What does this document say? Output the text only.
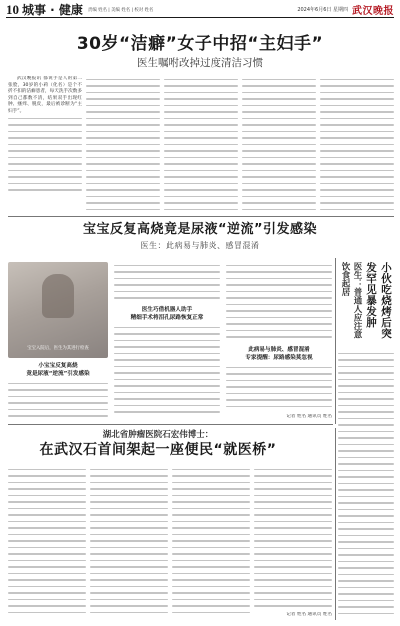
10 城事 · 健康 责编 姓名 | 美编 姓名 | 校对 姓名	2024年6月6日 星期四 武汉晚报
30岁“洁癖”女子中招“主妇手”
医生嘱咐改掉过度清洁习惯

武汉晚报讯 都说手是人的第二张脸，30岁的小莉（化名）是个不折不扣的洁癖患者，每天洗手次数多到自己都数不清，结果双手出现红肿、瘙痒、脱皮，最后被诊断为“主妇手”。

宝宝反复高烧竟是尿液“逆流”引发感染
医生：此病易与肺炎、感冒混淆
宝宝入院后，医生为其进行检查
小宝宝反复高烧
竟是尿液“逆流”引发感染
医生巧借机器人助手
精细手术将泪孔尿路恢复正常
此病易与肺炎、感冒混淆
专家提醒：尿路感染莫忽视
记者 姓名 通讯员 姓名
小伙吃烧烤后突发罕见暴发肿
医生：普通人应注意饮食起居
湖北省肿瘤医院石宏伟博士：
在武汉石首间架起一座便民“就医桥”
记者 姓名 通讯员 姓名
